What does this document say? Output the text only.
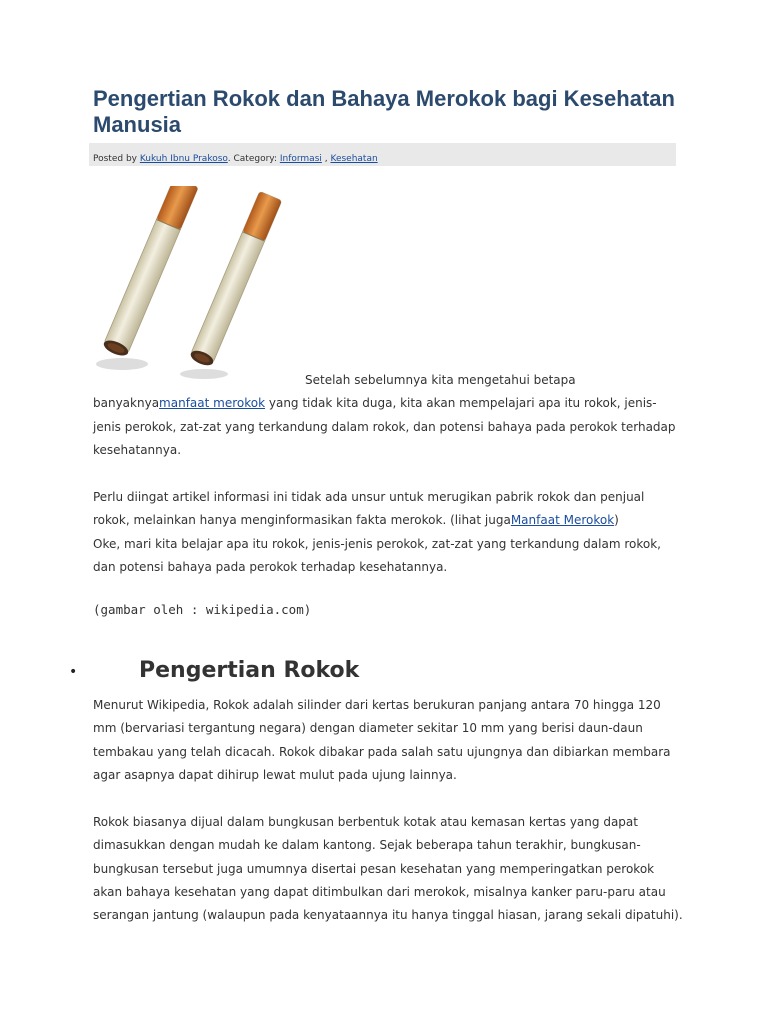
Pengertian Rokok dan Bahaya Merokok bagi Kesehatan Manusia
Posted by Kukuh Ibnu Prakoso. Category: Informasi , Kesehatan

Setelah sebelumnya kita mengetahui betapa
banyaknyamanfaat merokok yang tidak kita duga, kita akan mempelajari apa itu rokok, jenis-jenis perokok, zat-zat yang terkandung dalam rokok, dan potensi bahaya pada perokok terhadap kesehatannya.

Perlu diingat artikel informasi ini tidak ada unsur untuk merugikan pabrik rokok dan penjual rokok, melainkan hanya menginformasikan fakta merokok. (lihat jugaManfaat Merokok)
Oke, mari kita belajar apa itu rokok, jenis-jenis perokok, zat-zat yang terkandung dalam rokok, dan potensi bahaya pada perokok terhadap kesehatannya.

(gambar oleh : wikipedia.com)
•	Pengertian Rokok

Menurut Wikipedia, Rokok adalah silinder dari kertas berukuran panjang antara 70 hingga 120 mm (bervariasi tergantung negara) dengan diameter sekitar 10 mm yang berisi daun-daun tembakau yang telah dicacah. Rokok dibakar pada salah satu ujungnya dan dibiarkan membara agar asapnya dapat dihirup lewat mulut pada ujung lainnya.

Rokok biasanya dijual dalam bungkusan berbentuk kotak atau kemasan kertas yang dapat dimasukkan dengan mudah ke dalam kantong. Sejak beberapa tahun terakhir, bungkusan-bungkusan tersebut juga umumnya disertai pesan kesehatan yang memperingatkan perokok akan bahaya kesehatan yang dapat ditimbulkan dari merokok, misalnya kanker paru-paru atau serangan jantung (walaupun pada kenyataannya itu hanya tinggal hiasan, jarang sekali dipatuhi).
